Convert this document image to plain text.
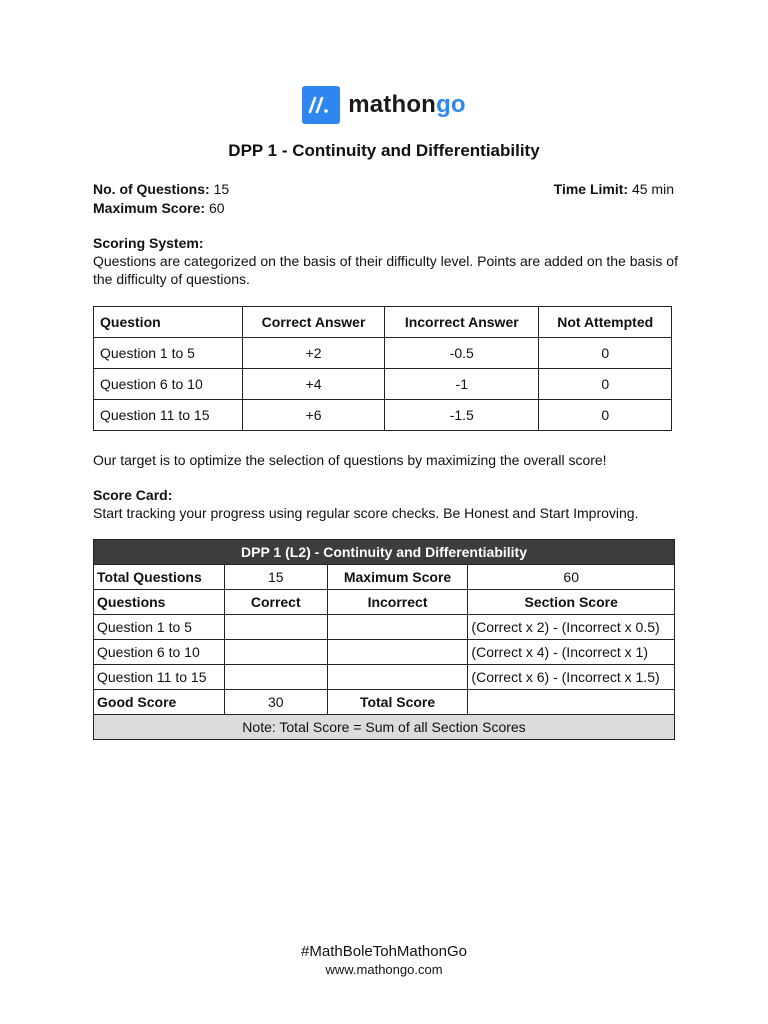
mathongo
DPP 1 - Continuity and Differentiability
No. of Questions: 15
Maximum Score: 60
Time Limit: 45 min
Scoring System:
Questions are categorized on the basis of their difficulty level. Points are added on the basis of the difficulty of questions.
Question	Correct Answer	Incorrect Answer	Not Attempted
Question 1 to 5	+2	-0.5	0
Question 6 to 10	+4	-1	0
Question 11 to 15	+6	-1.5	0
Our target is to optimize the selection of questions by maximizing the overall score!
Score Card:
Start tracking your progress using regular score checks. Be Honest and Start Improving.
DPP 1 (L2) - Continuity and Differentiability			
Total Questions	15	Maximum Score	60
Questions	Correct	Incorrect	Section Score
Question 1 to 5			(Correct x 2) - (Incorrect x 0.5)
Question 6 to 10			(Correct x 4) - (Incorrect x 1)
Question 11 to 15			(Correct x 6) - (Incorrect x 1.5)
Good Score	30	Total Score	
Note: Total Score = Sum of all Section Scores			
#MathBoleTohMathonGo
www.mathongo.com
